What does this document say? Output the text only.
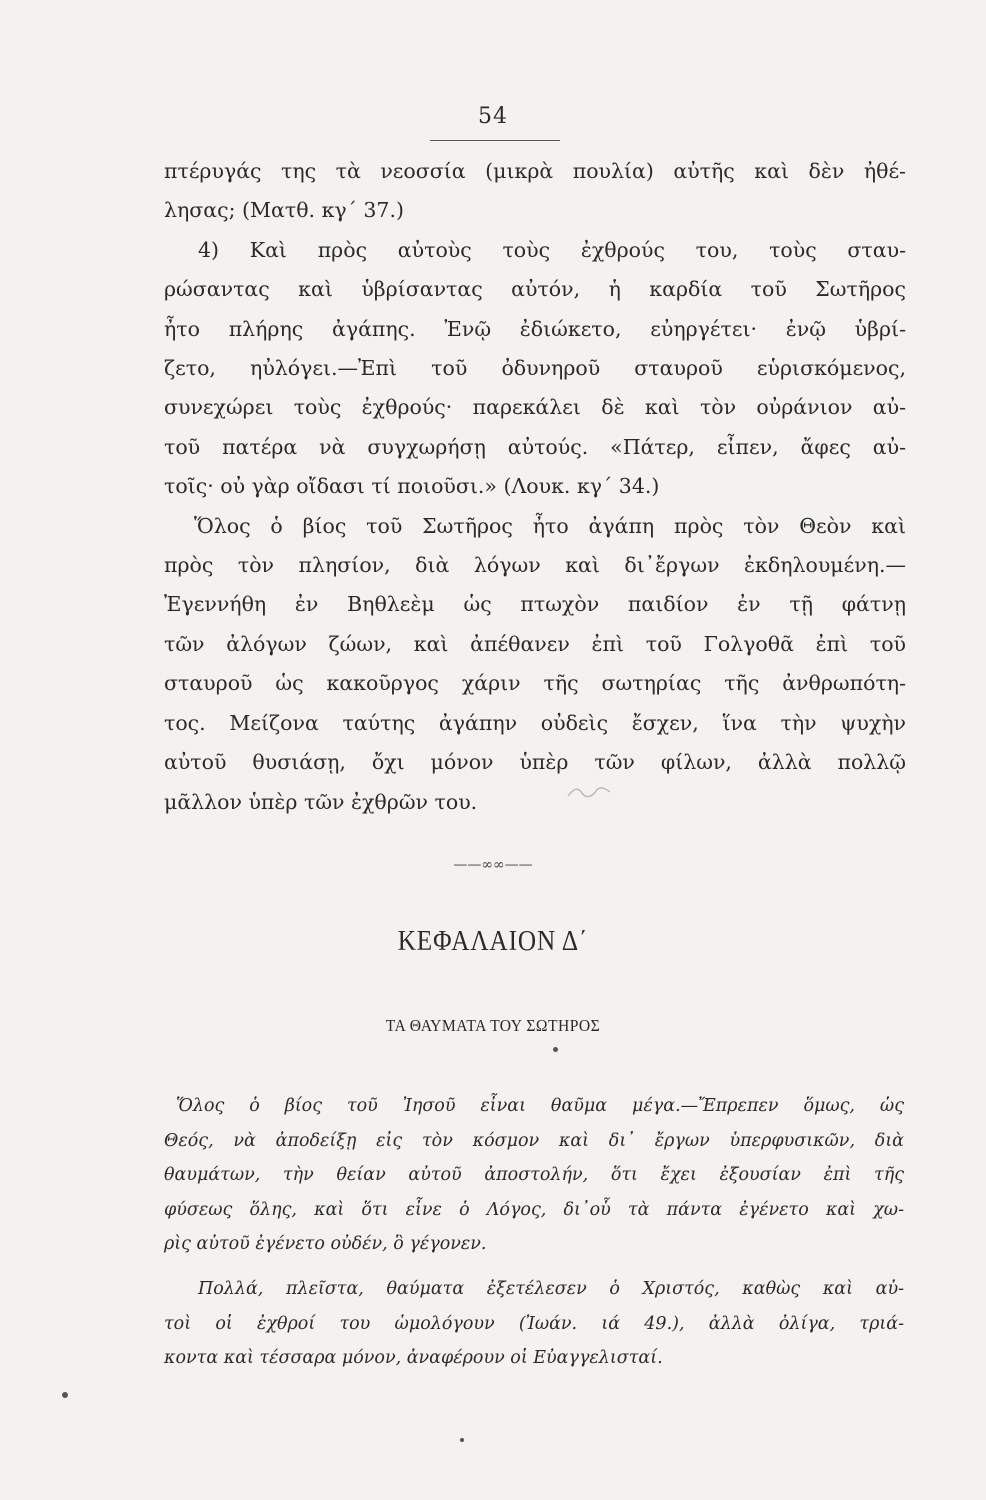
54
πτέρυγάς της τὰ νεοσσία (μικρὰ πουλία) αὐτῆς καὶ δὲν ἠθέ-
λησας; (Ματθ. κγ΄ 37.)
4) Καὶ πρὸς αὐτοὺς τοὺς ἐχθρούς του, τοὺς σταυ-
ρώσαντας καὶ ὑβρίσαντας αὐτόν, ἡ καρδία τοῦ Σωτῆρος
ἦτο πλήρης ἀγάπης. Ἐνῷ ἐδιώκετο, εὐηργέτει· ἐνῷ ὑβρί-
ζετο, ηὐλόγει.—Ἐπὶ τοῦ ὀδυνηροῦ σταυροῦ εὑρισκόμενος,
συνεχώρει τοὺς ἐχθρούς· παρεκάλει δὲ καὶ τὸν οὐράνιον αὐ-
τοῦ πατέρα νὰ συγχωρήσῃ αὐτούς. «Πάτερ, εἶπεν, ἄφες αὐ-
τοῖς· οὐ γὰρ οἴδασι τί ποιοῦσι.» (Λουκ. κγ΄ 34.)
Ὅλος ὁ βίος τοῦ Σωτῆρος ἦτο ἀγάπη πρὸς τὸν Θεὸν καὶ
πρὸς τὸν πλησίον, διὰ λόγων καὶ δι᾽ἔργων ἐκδηλουμένη.—
Ἐγεννήθη ἐν Βηθλεὲμ ὡς πτωχὸν παιδίον ἐν τῇ φάτνῃ
τῶν ἀλόγων ζώων, καὶ ἀπέθανεν ἐπὶ τοῦ Γολγοθᾶ ἐπὶ τοῦ
σταυροῦ ὡς κακοῦργος χάριν τῆς σωτηρίας τῆς ἀνθρωπότη-
τος. Μείζονα ταύτης ἀγάπην οὐδεὶς ἔσχεν, ἵνα τὴν ψυχὴν
αὐτοῦ θυσιάσῃ, ὄχι μόνον ὑπὲρ τῶν φίλων, ἀλλὰ πολλῷ
μᾶλλον ὑπὲρ τῶν ἐχθρῶν του.
——∞∞——
ΚΕΦΑΛΑΙΟΝ Δ΄
ΤΑ ΘΑΥΜΑΤΑ ΤΟΥ ΣΩΤΗΡΟΣ
Ὅλος ὁ βίος τοῦ Ἰησοῦ εἶναι θαῦμα μέγα.—Ἔπρεπεν ὅμως, ὡς
Θεός, νὰ ἀποδείξῃ εἰς τὸν κόσμον καὶ δι᾽ ἔργων ὑπερφυσικῶν, διὰ
θαυμάτων, τὴν θείαν αὐτοῦ ἀποστολήν, ὅτι ἔχει ἐξουσίαν ἐπὶ τῆς
φύσεως ὅλης, καὶ ὅτι εἶνε ὁ Λόγος, δι᾽οὗ τὰ πάντα ἐγένετο καὶ χω-
ρὶς αὐτοῦ ἐγένετο οὐδέν, ὃ γέγονεν.
Πολλά, πλεῖστα, θαύματα ἐξετέλεσεν ὁ Χριστός, καθὼς καὶ αὐ-
τοὶ οἱ ἐχθροί του ὡμολόγουν (Ἰωάν. ιά 49.), ἀλλὰ ὀλίγα, τριά-
κοντα καὶ τέσσαρα μόνον, ἀναφέρουν οἱ Εὐαγγελισταί.
